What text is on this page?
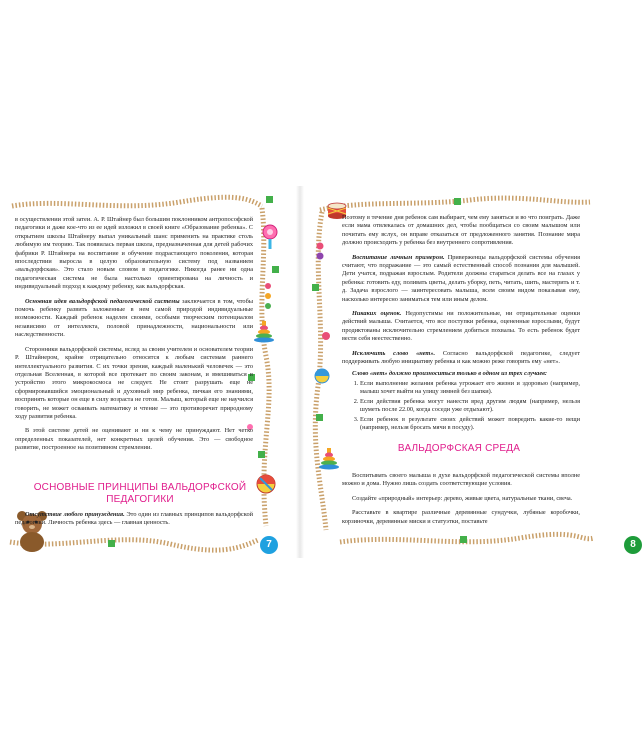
в осуществлении этой затеи. А. Р. Штайнер был большим поклонником антропософской педагогики и даже кое-что из ее идей изложил в своей книге «Образование ребенка». С открытием школы Штайнеру выпал уникальный шанс применить на практике столь любимую им теорию. Так появилась первая школа, предназначенная для детей рабочих фабрики Р. Штайнера на воспитание и обучение подрастающего поколения, которая впоследствии выросла в целую образовательную систему под названием «вальдорфская». Это стало новым словом в педагогике. Никогда ранее ни одна педагогическая система не была настолько ориентирована на личность и индивидуальный подход к каждому ребенку, как вальдорфская.

Основная идея вальдорфской педагогической системы заключается в том, чтобы помочь ребенку развить заложенные в нем самой природой индивидуальные возможности. Каждый ребенок наделен своими, особыми творческим потенциалом независимо от интеллекта, половой принадлежности, национальности или наследственности.

Сторонники вальдорфской системы, вслед за своим учителем и основателем теории Р. Штайнером, крайне отрицательно относятся к любым системам раннего интеллектуального развития. С их точки зрения, каждый маленький человечек — это отдельная Вселенная, в которой все протекает по своим законам, и вмешиваться в устройство этого микрокосмоса не следует. Не стоит разрушать еще не сформировавшийся эмоциональный и духовный мир ребенка, пичкая его знаниями, воспринять которые он еще в силу возраста не готов. Малыш, который еще не научился говорить, не может осваивать математику и чтение — это противоречит природному ходу развития ребенка.

В этой системе детей не оценивают и ни к чему не принуждают. Нет четко определенных показателей, нет конкретных целей обучения. Это — свободное развитие, построенное на позитивном стремлении.

ОСНОВНЫЕ ПРИНЦИПЫ ВАЛЬДОРФСКОЙ ПЕДАГОГИКИ

Отсутствие любого принуждения. Это один из главных принципов вальдорфской педагогики. Личность ребенка здесь — главная ценность.

7

Поэтому в течение дня ребенок сам выбирает, чем ему заняться и во что поиграть. Даже если мама отвлекалась от домашних дел, чтобы пообщаться со своим малышом или почитать ему вслух, он вправе отказаться от предложенного занятия. Познание мира должно происходить у ребенка без внутреннего сопротивления.

Воспитание личным примером. Приверженцы вальдорфской системы обучения считают, что подражание — это самый естественный способ познания для малышей. Дети учатся, подражая взрослым. Родители должны стараться делать все на глазах у ребенка: готовить еду, поливать цветы, делать уборку, петь, читать, шить, мастерить и т. д. Задача взрослого — заинтересовать малыша, всем своим видом показывая ему, насколько интересно заниматься тем или иным делом.

Никаких оценок. Недопустимы ни положительные, ни отрицательные оценки действий малыша. Считается, что все поступки ребенка, оцененные взрослыми, будут продиктованы исключительно стремлением добиться похвалы. То есть ребенок будет вести себя неестественно.

Исключить слово «нет». Согласно вальдорфской педагогике, следует поддерживать любую инициативу ребенка и как можно реже говорить ему «нет».

Слово «нет» должно произноситься только в одном из трех случаев:

1. Если выполнение желания ребенка угрожает его жизни и здоровью (например, малыш хочет выйти на улицу зимней без шапки).
2. Если действия ребенка могут нанести вред другим людям (например, нельзя шуметь после 22.00, когда соседи уже отдыхают).
3. Если ребенок в результате своих действий может повредить какие-то вещи (например, нельзя бросать мячи в посуду).
ВАЛЬДОРФСКАЯ СРЕДА

Воспитывать своего малыша в духе вальдорфской педагогической системы вполне можно и дома. Нужно лишь создать соответствующие условия.

Создайте «природный» интерьер: дерево, живые цвета, натуральные ткани, свеча.

Расставьте в квартире различные деревянные сундучки, лубяные коробочки, корзиночки, деревянные миски и статуэтки, поставьте

8
